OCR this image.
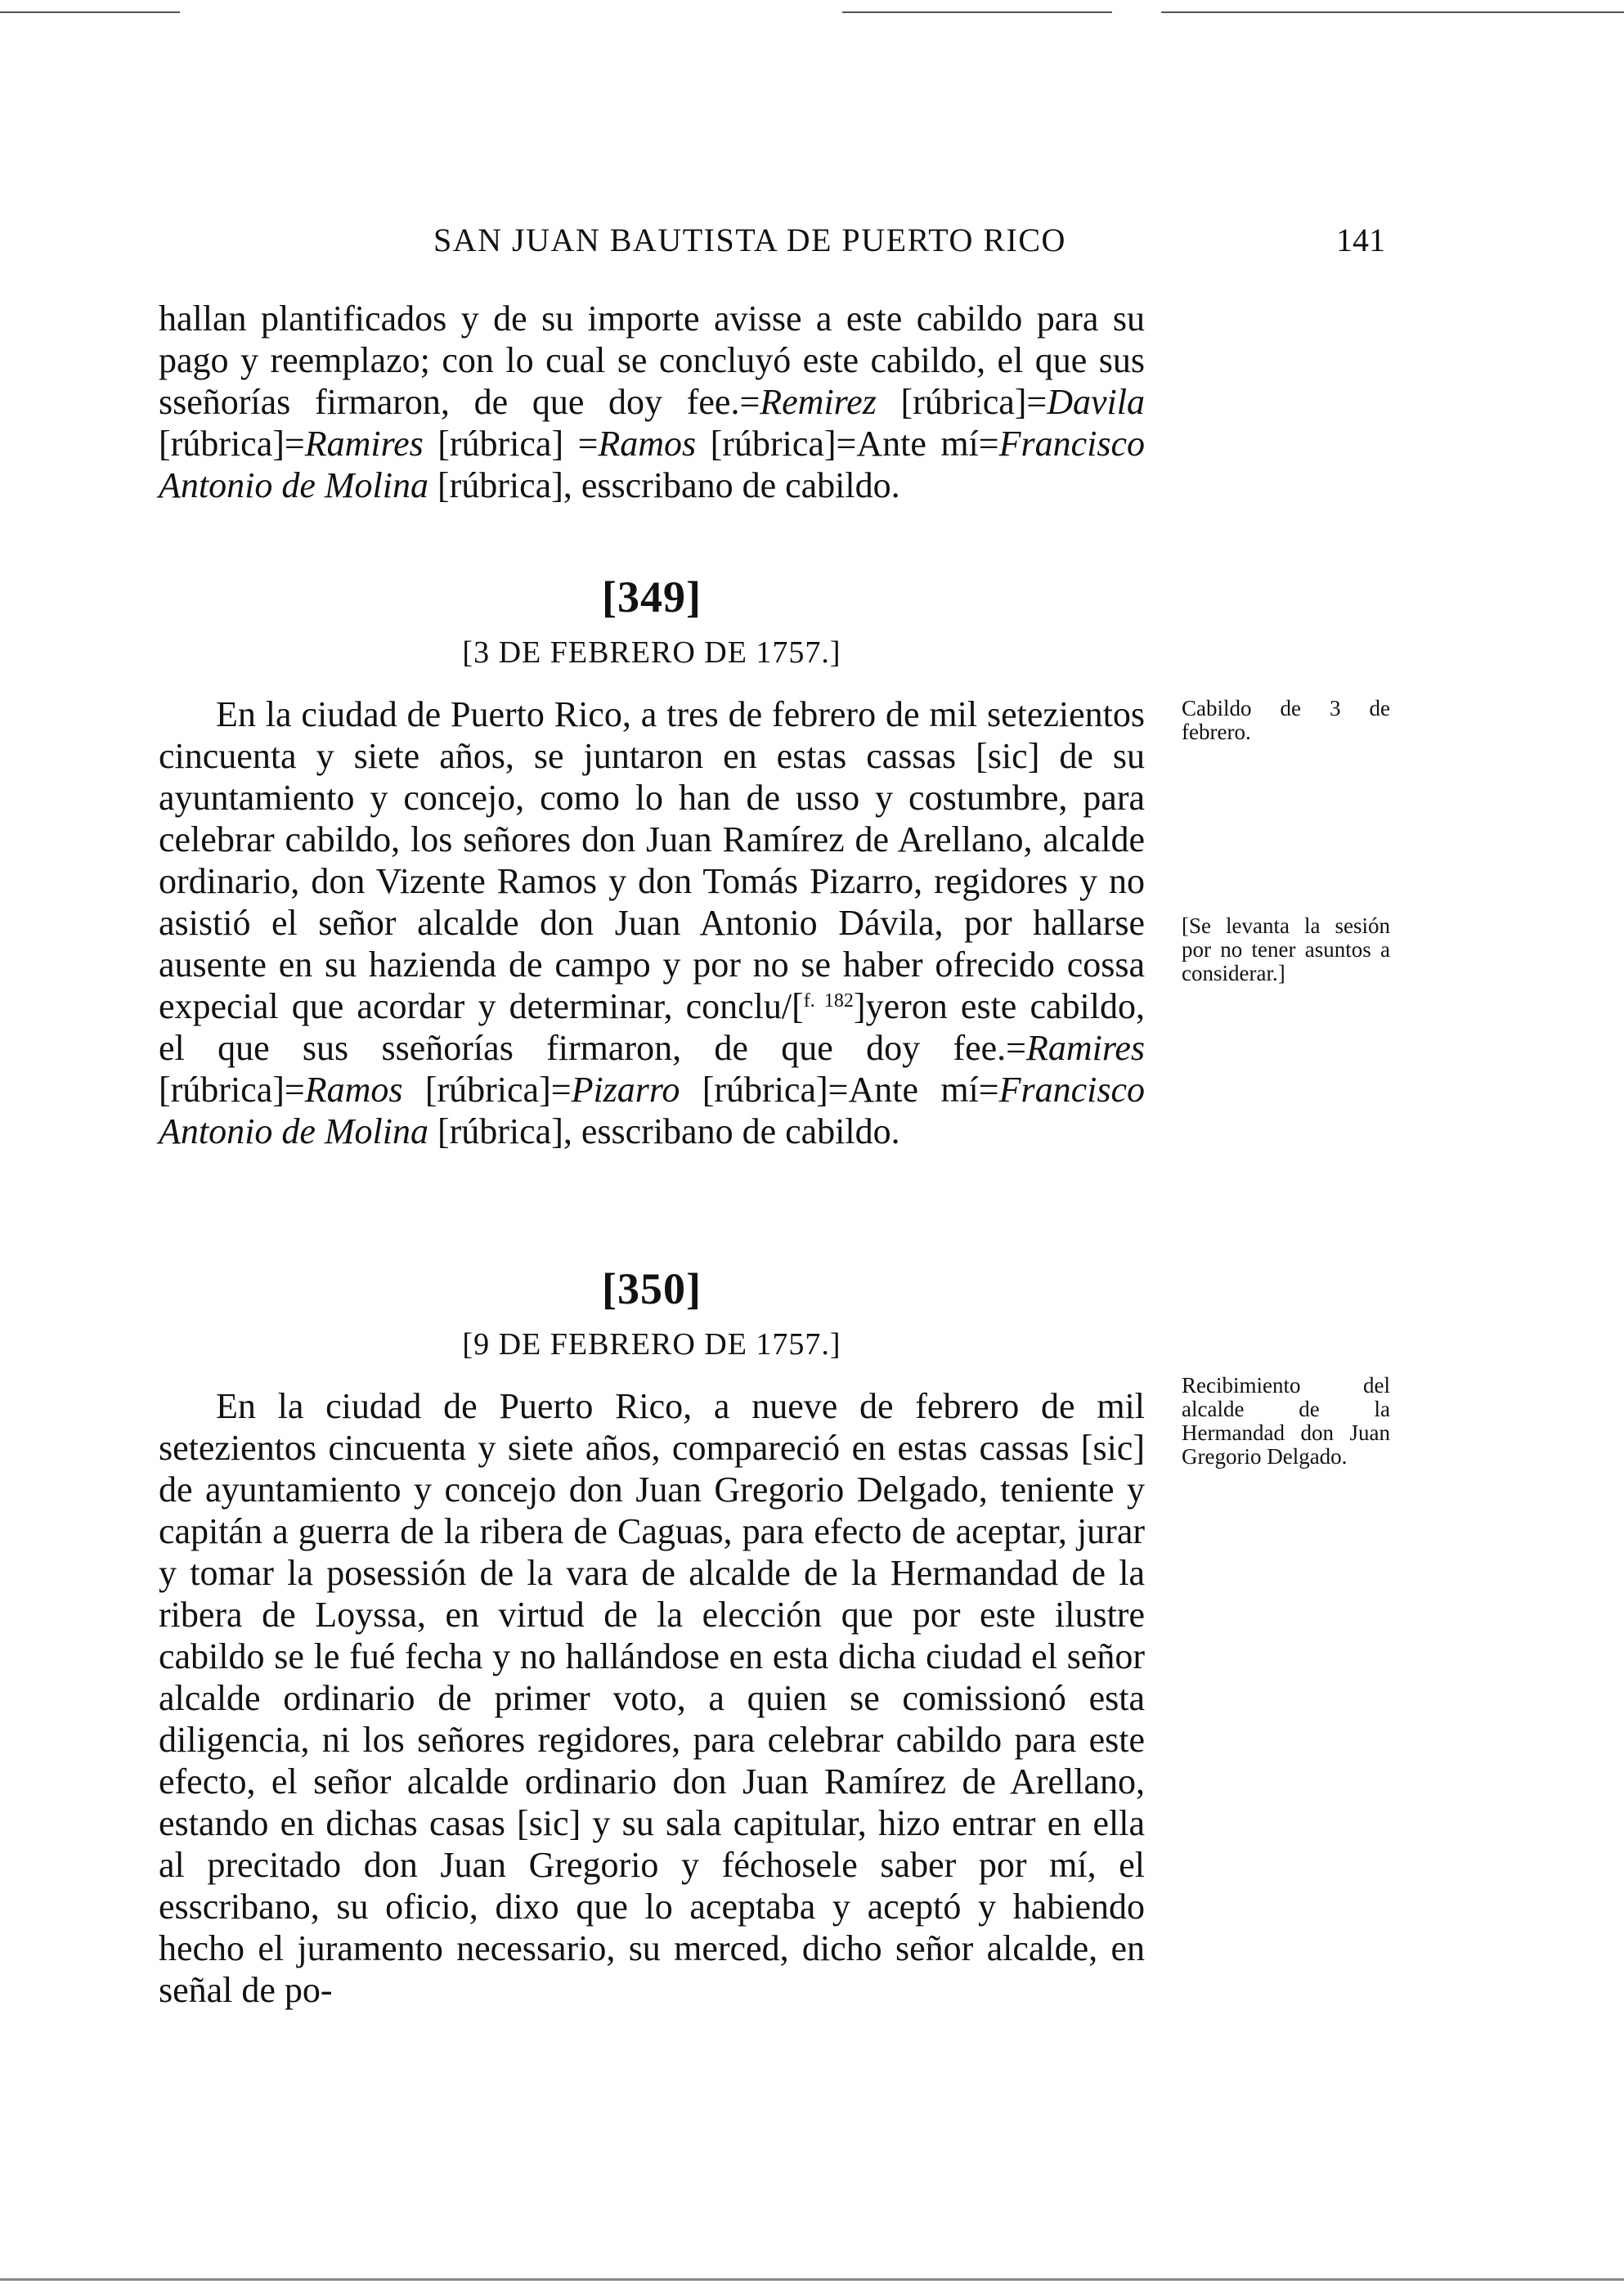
SAN JUAN BAUTISTA DE PUERTO RICO	141

hallan plantificados y de su importe avisse a este cabildo para su pago y reemplazo; con lo cual se concluyó este cabildo, el que sus sseñorías firmaron, de que doy fee.=Remirez [rúbrica]=Davila [rúbrica]=Ramires [rúbrica] =Ramos [rúbrica]=Ante mí=Francisco Antonio de Molina [rúbrica], esscribano de cabildo.

[349]

[3 DE FEBRERO DE 1757.]

En la ciudad de Puerto Rico, a tres de febrero de mil setezientos cincuenta y siete años, se juntaron en estas cassas [sic] de su ayuntamiento y concejo, como lo han de usso y costumbre, para celebrar cabildo, los señores don Juan Ramírez de Arellano, alcalde ordinario, don Vizente Ramos y don Tomás Pizarro, regidores y no asistió el señor alcalde don Juan Antonio Dávila, por hallarse ausente en su hazienda de campo y por no se haber ofrecido cossa expecial que acordar y determinar, conclu/[$^{f. 182}$]yeron este cabildo, el que sus sseñorías firmaron, de que doy fee.=Ramires [rúbrica]=Ramos [rúbrica]=Pizarro [rúbrica]=Ante mí=Francisco Antonio de Molina [rúbrica], esscribano de cabildo.

Cabildo de 3 de febrero.
[Se levanta la sesión por no tener asuntos a considerar.]

[350]

[9 DE FEBRERO DE 1757.]

En la ciudad de Puerto Rico, a nueve de febrero de mil setezientos cincuenta y siete años, compareció en estas cassas [sic] de ayuntamiento y concejo don Juan Gregorio Delgado, teniente y capitán a guerra de la ribera de Caguas, para efecto de aceptar, jurar y tomar la posessión de la vara de alcalde de la Hermandad de la ribera de Loyssa, en virtud de la elección que por este ilustre cabildo se le fué fecha y no hallándose en esta dicha ciudad el señor alcalde ordinario de primer voto, a quien se comissionó esta diligencia, ni los señores regidores, para celebrar cabildo para este efecto, el señor alcalde ordinario don Juan Ramírez de Arellano, estando en dichas casas [sic] y su sala capitular, hizo entrar en ella al precitado don Juan Gregorio y féchosele saber por mí, el esscribano, su oficio, dixo que lo aceptaba y aceptó y habiendo hecho el juramento necessario, su merced, dicho señor alcalde, en señal de po-

Recibimiento del alcalde de la Hermandad don Juan Gregorio Delgado.
